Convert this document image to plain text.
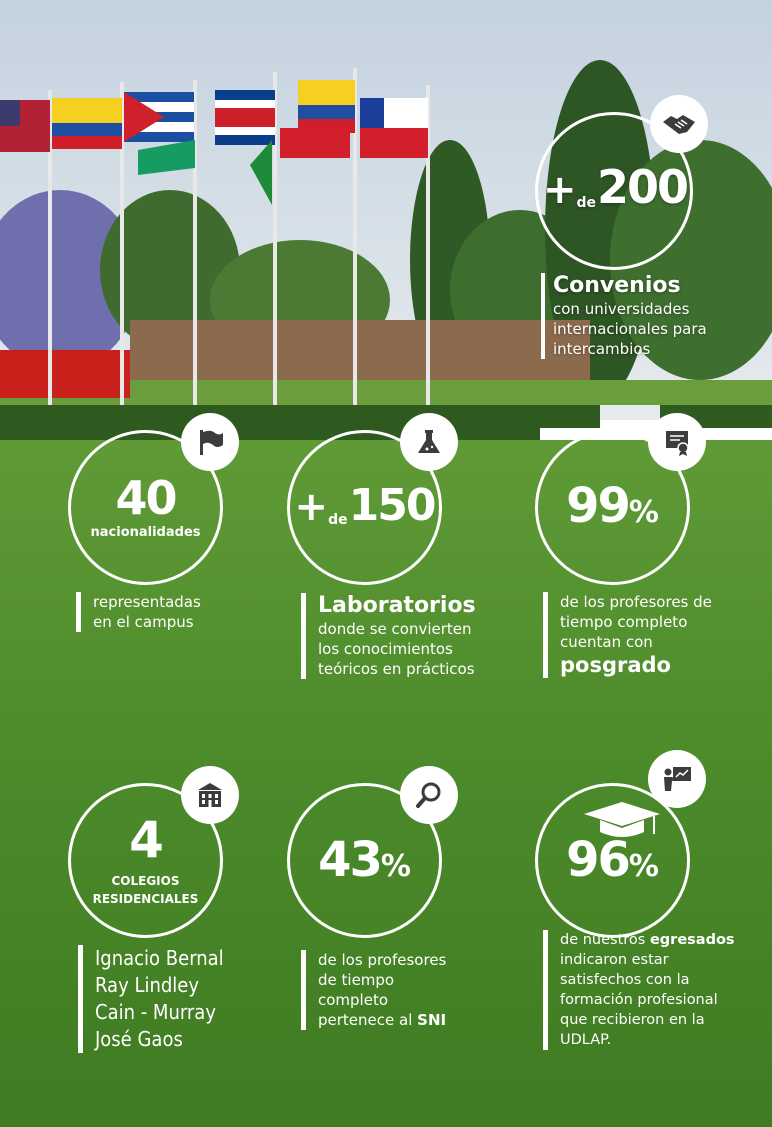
+de200
Convenios
con universidades
internacionales para
intercambios
40
nacionalidades
representadas
en el campus
+de150
Laboratorios
donde se convierten
los conocimientos
teóricos en prácticos
99%
de los profesores de
tiempo completo
cuentan con
posgrado
4
COLEGIOS
RESIDENCIALES
Ignacio Bernal
Ray Lindley
Cain - Murray
José Gaos
43%
de los profesores
de tiempo
completo
pertenece al SNI
96%
de nuestros egresados
indicaron estar
satisfechos con la
formación profesional
que recibieron en la
UDLAP.
